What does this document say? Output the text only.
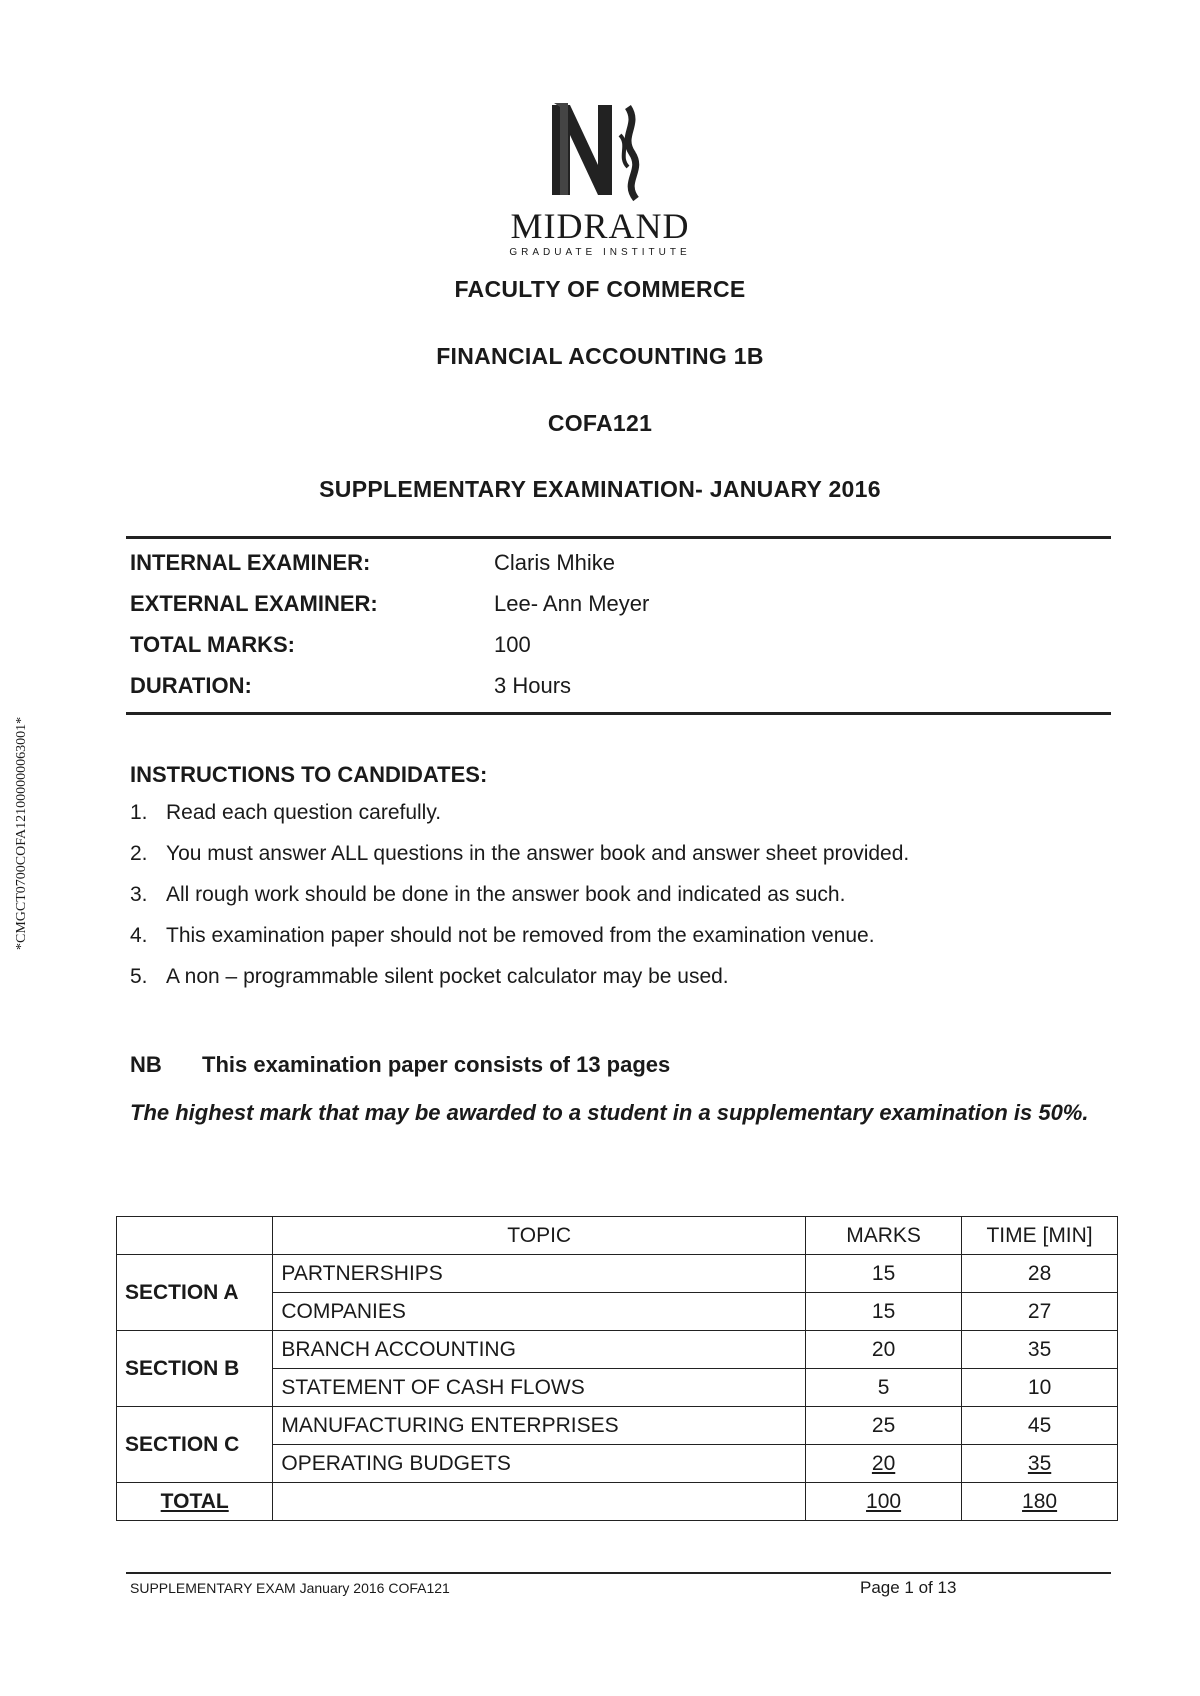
MIDRAND
GRADUATE INSTITUTE
FACULTY OF COMMERCE
FINANCIAL ACCOUNTING 1B
COFA121
SUPPLEMENTARY EXAMINATION- JANUARY 2016
INTERNAL EXAMINER:	Claris Mhike
EXTERNAL EXAMINER:	Lee- Ann Meyer
TOTAL MARKS:	100
DURATION:	3 Hours
INSTRUCTIONS TO CANDIDATES:
1. Read each question carefully.
2. You must answer ALL questions in the answer book and answer sheet provided.
3. All rough work should be done in the answer book and indicated as such.
4. This examination paper should not be removed from the examination venue.
5. A non – programmable silent pocket calculator may be used.
NB This examination paper consists of 13 pages
The highest mark that may be awarded to a student in a supplementary examination is 50%.
	TOPIC	MARKS	TIME [MIN]
SECTION A	PARTNERSHIPS	15	28
	COMPANIES	15	27
SECTION B	BRANCH ACCOUNTING	20	35
	STATEMENT OF CASH FLOWS	5	10
SECTION C	MANUFACTURING ENTERPRISES	25	45
	OPERATING BUDGETS	20	35
TOTAL		100	180
SUPPLEMENTARY EXAM January 2016 COFA121	Page 1 of 13
*CMGCT0700COFA121000000063001*
